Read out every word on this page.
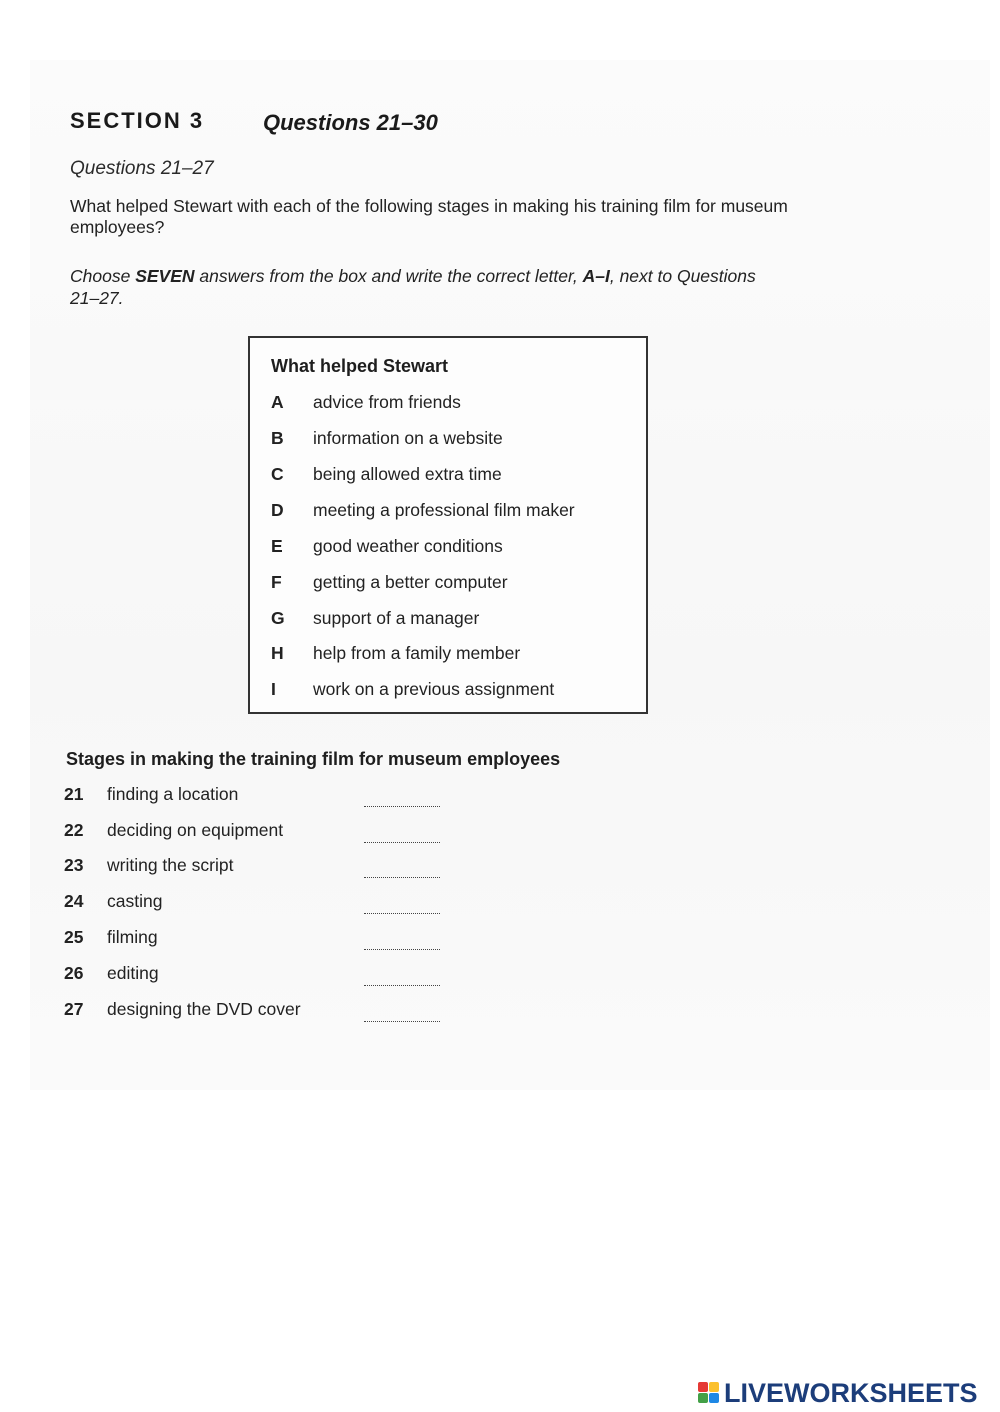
SECTION 3	Questions 21–30
Questions 21–27
What helped Stewart with each of the following stages in making his training film for museum employees?
Choose SEVEN answers from the box and write the correct letter, A–I, next to Questions 21–27.
What helped Stewart
A	advice from friends
B	information on a website
C	being allowed extra time
D	meeting a professional film maker
E	good weather conditions
F	getting a better computer
G	support of a manager
H	help from a family member
I	work on a previous assignment
Stages in making the training film for museum employees
21 finding a location
22 deciding on equipment
23 writing the script
24 casting
25 filming
26 editing
27 designing the DVD cover
LIVEWORKSHEETS
